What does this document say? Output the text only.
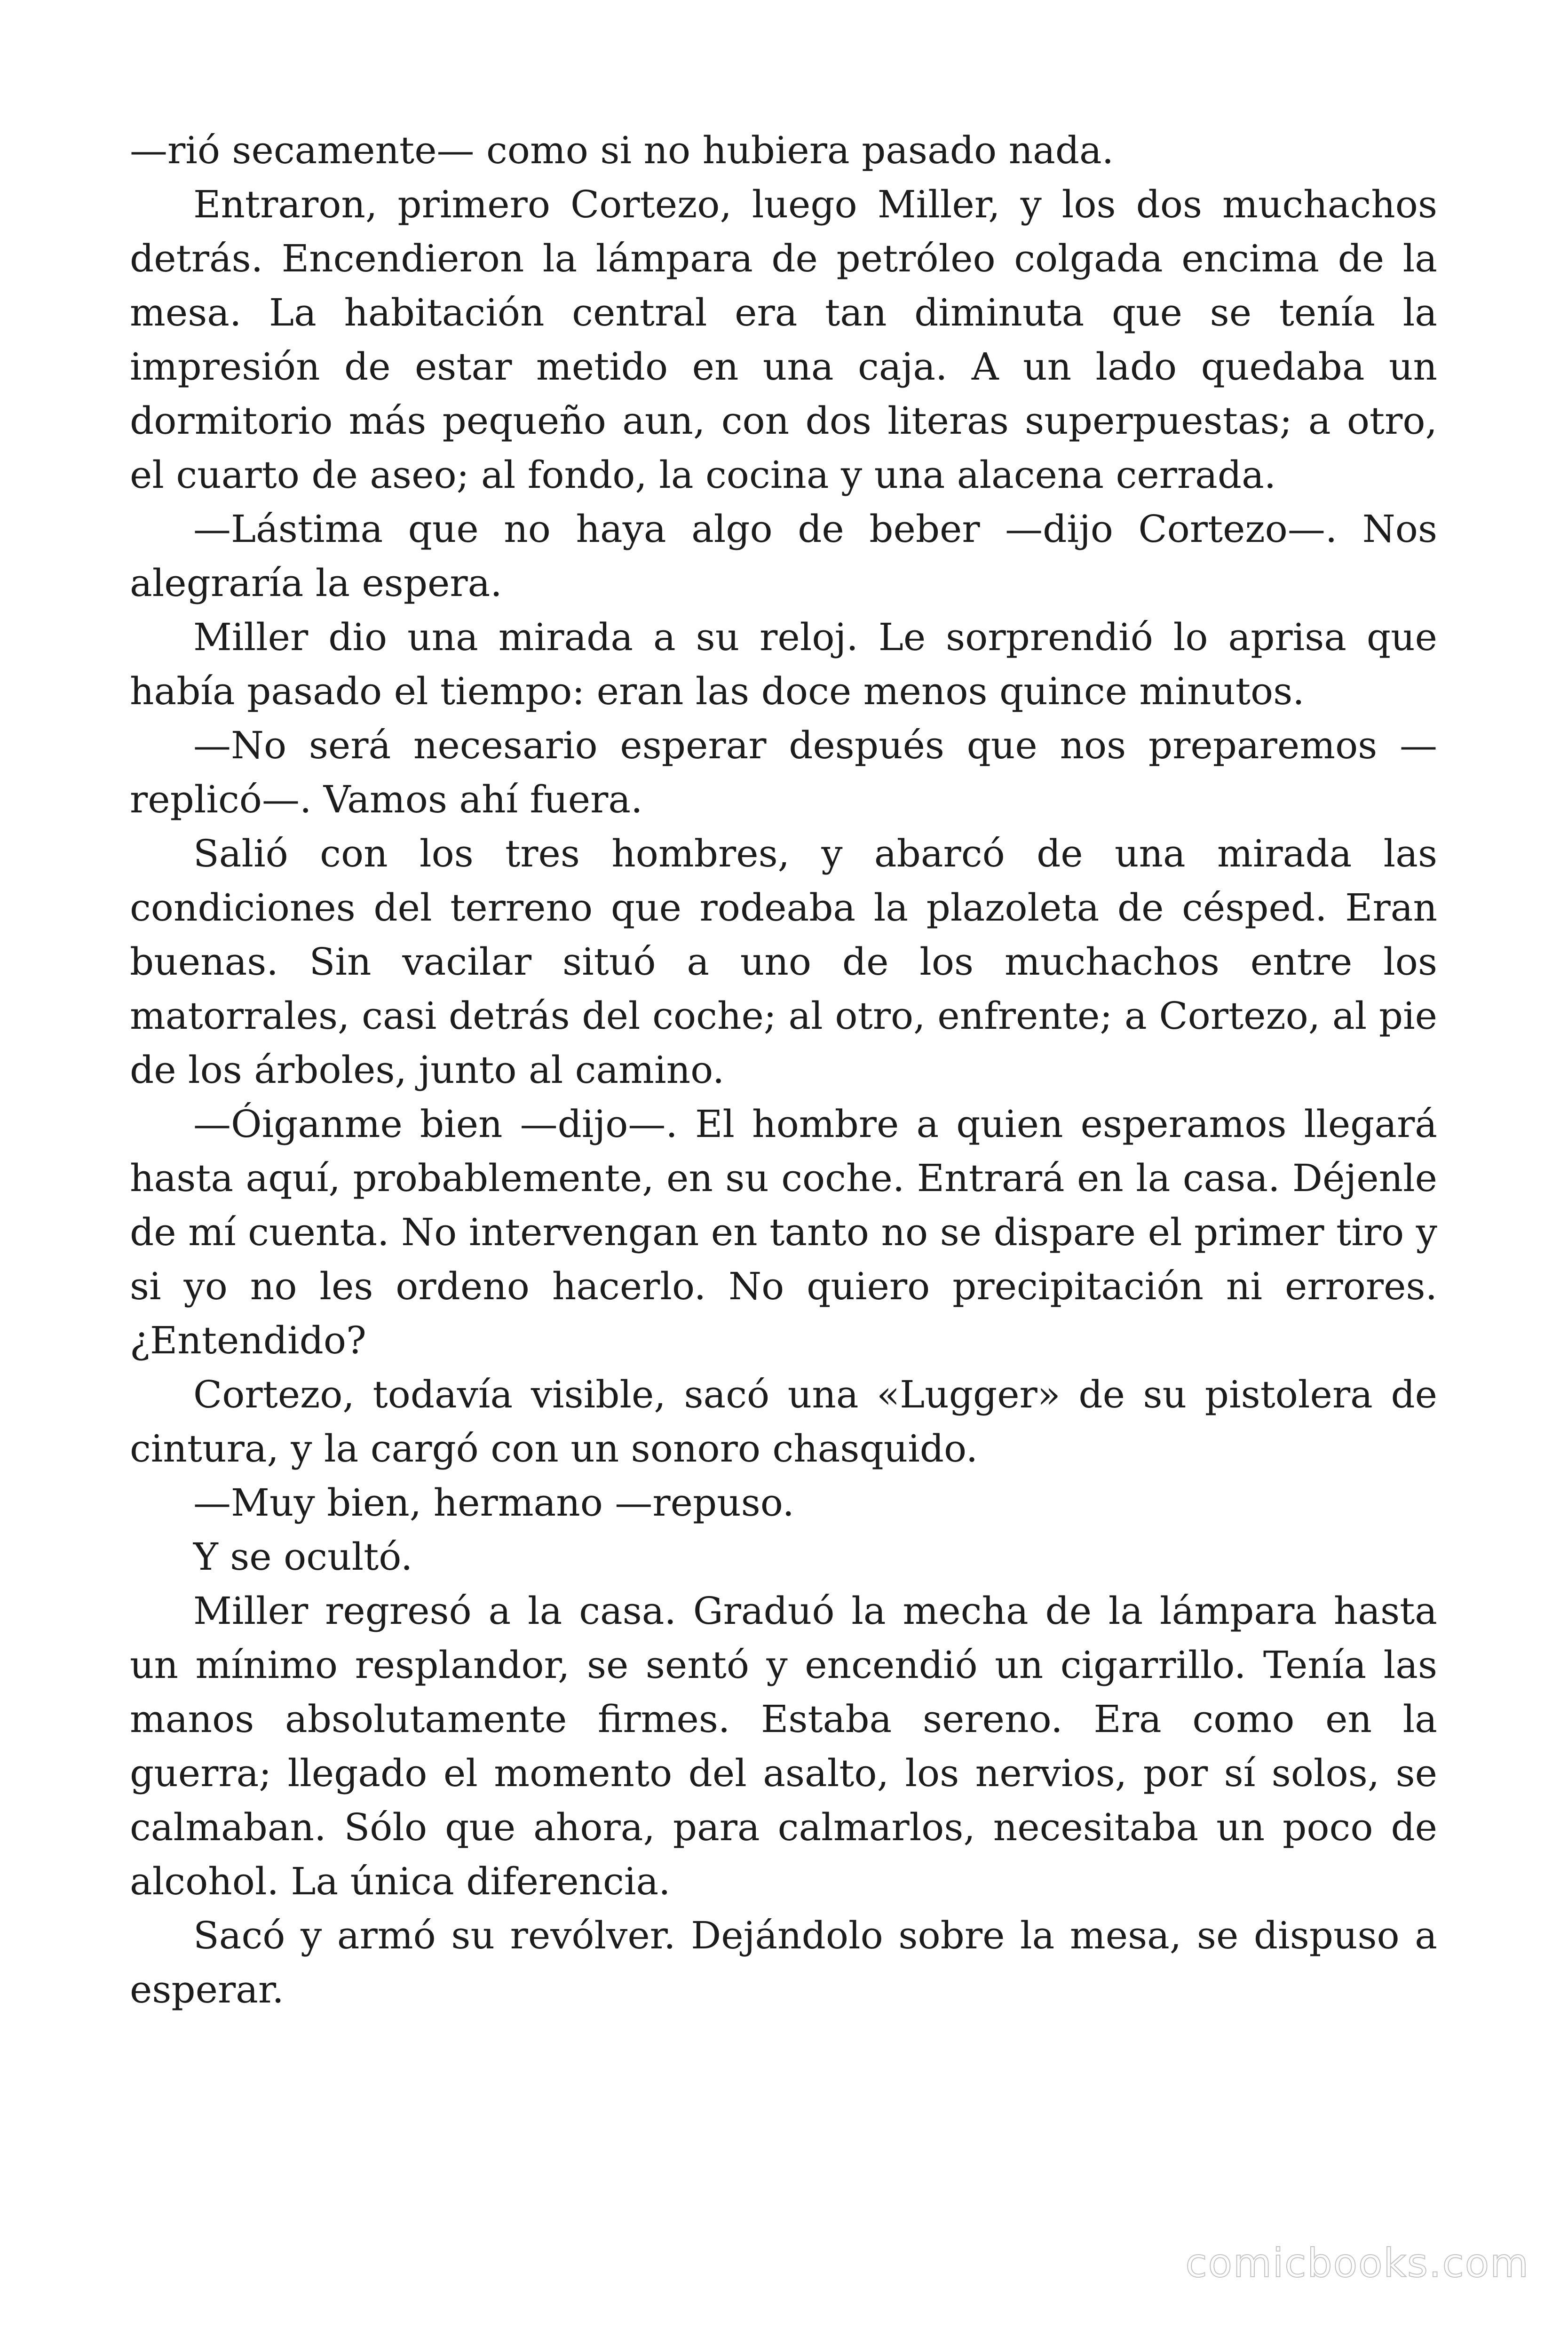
—rió secamente— como si no hubiera pasado nada.

Entraron, primero Cortezo, luego Miller, y los dos muchachos detrás. Encendieron la lámpara de petróleo colgada encima de la mesa. La habitación central era tan diminuta que se tenía la impresión de estar metido en una caja. A un lado quedaba un dormitorio más pequeño aun, con dos literas superpuestas; a otro, el cuarto de aseo; al fondo, la cocina y una alacena cerrada.

—Lástima que no haya algo de beber —dijo Cortezo—. Nos alegraría la espera.

Miller dio una mirada a su reloj. Le sorprendió lo aprisa que había pasado el tiempo: eran las doce menos quince minutos.

—No será necesario esperar después que nos preparemos —replicó—. Vamos ahí fuera.

Salió con los tres hombres, y abarcó de una mirada las condiciones del terreno que rodeaba la plazoleta de césped. Eran buenas. Sin vacilar situó a uno de los muchachos entre los matorrales, casi detrás del coche; al otro, enfrente; a Cortezo, al pie de los árboles, junto al camino.

—Óiganme bien —dijo—. El hombre a quien esperamos llegará hasta aquí, probablemente, en su coche. Entrará en la casa. Déjenle de mí cuenta. No intervengan en tanto no se dispare el primer tiro y si yo no les ordeno hacerlo. No quiero precipitación ni errores. ¿Entendido?

Cortezo, todavía visible, sacó una «Lugger» de su pistolera de cintura, y la cargó con un sonoro chasquido.

—Muy bien, hermano —repuso.

Y se ocultó.

Miller regresó a la casa. Graduó la mecha de la lámpara hasta un mínimo resplandor, se sentó y encendió un cigarrillo. Tenía las manos absolutamente firmes. Estaba sereno. Era como en la guerra; llegado el momento del asalto, los nervios, por sí solos, se calmaban. Sólo que ahora, para calmarlos, necesitaba un poco de alcohol. La única diferencia.

Sacó y armó su revólver. Dejándolo sobre la mesa, se dispuso a esperar.

comicbooks.com
